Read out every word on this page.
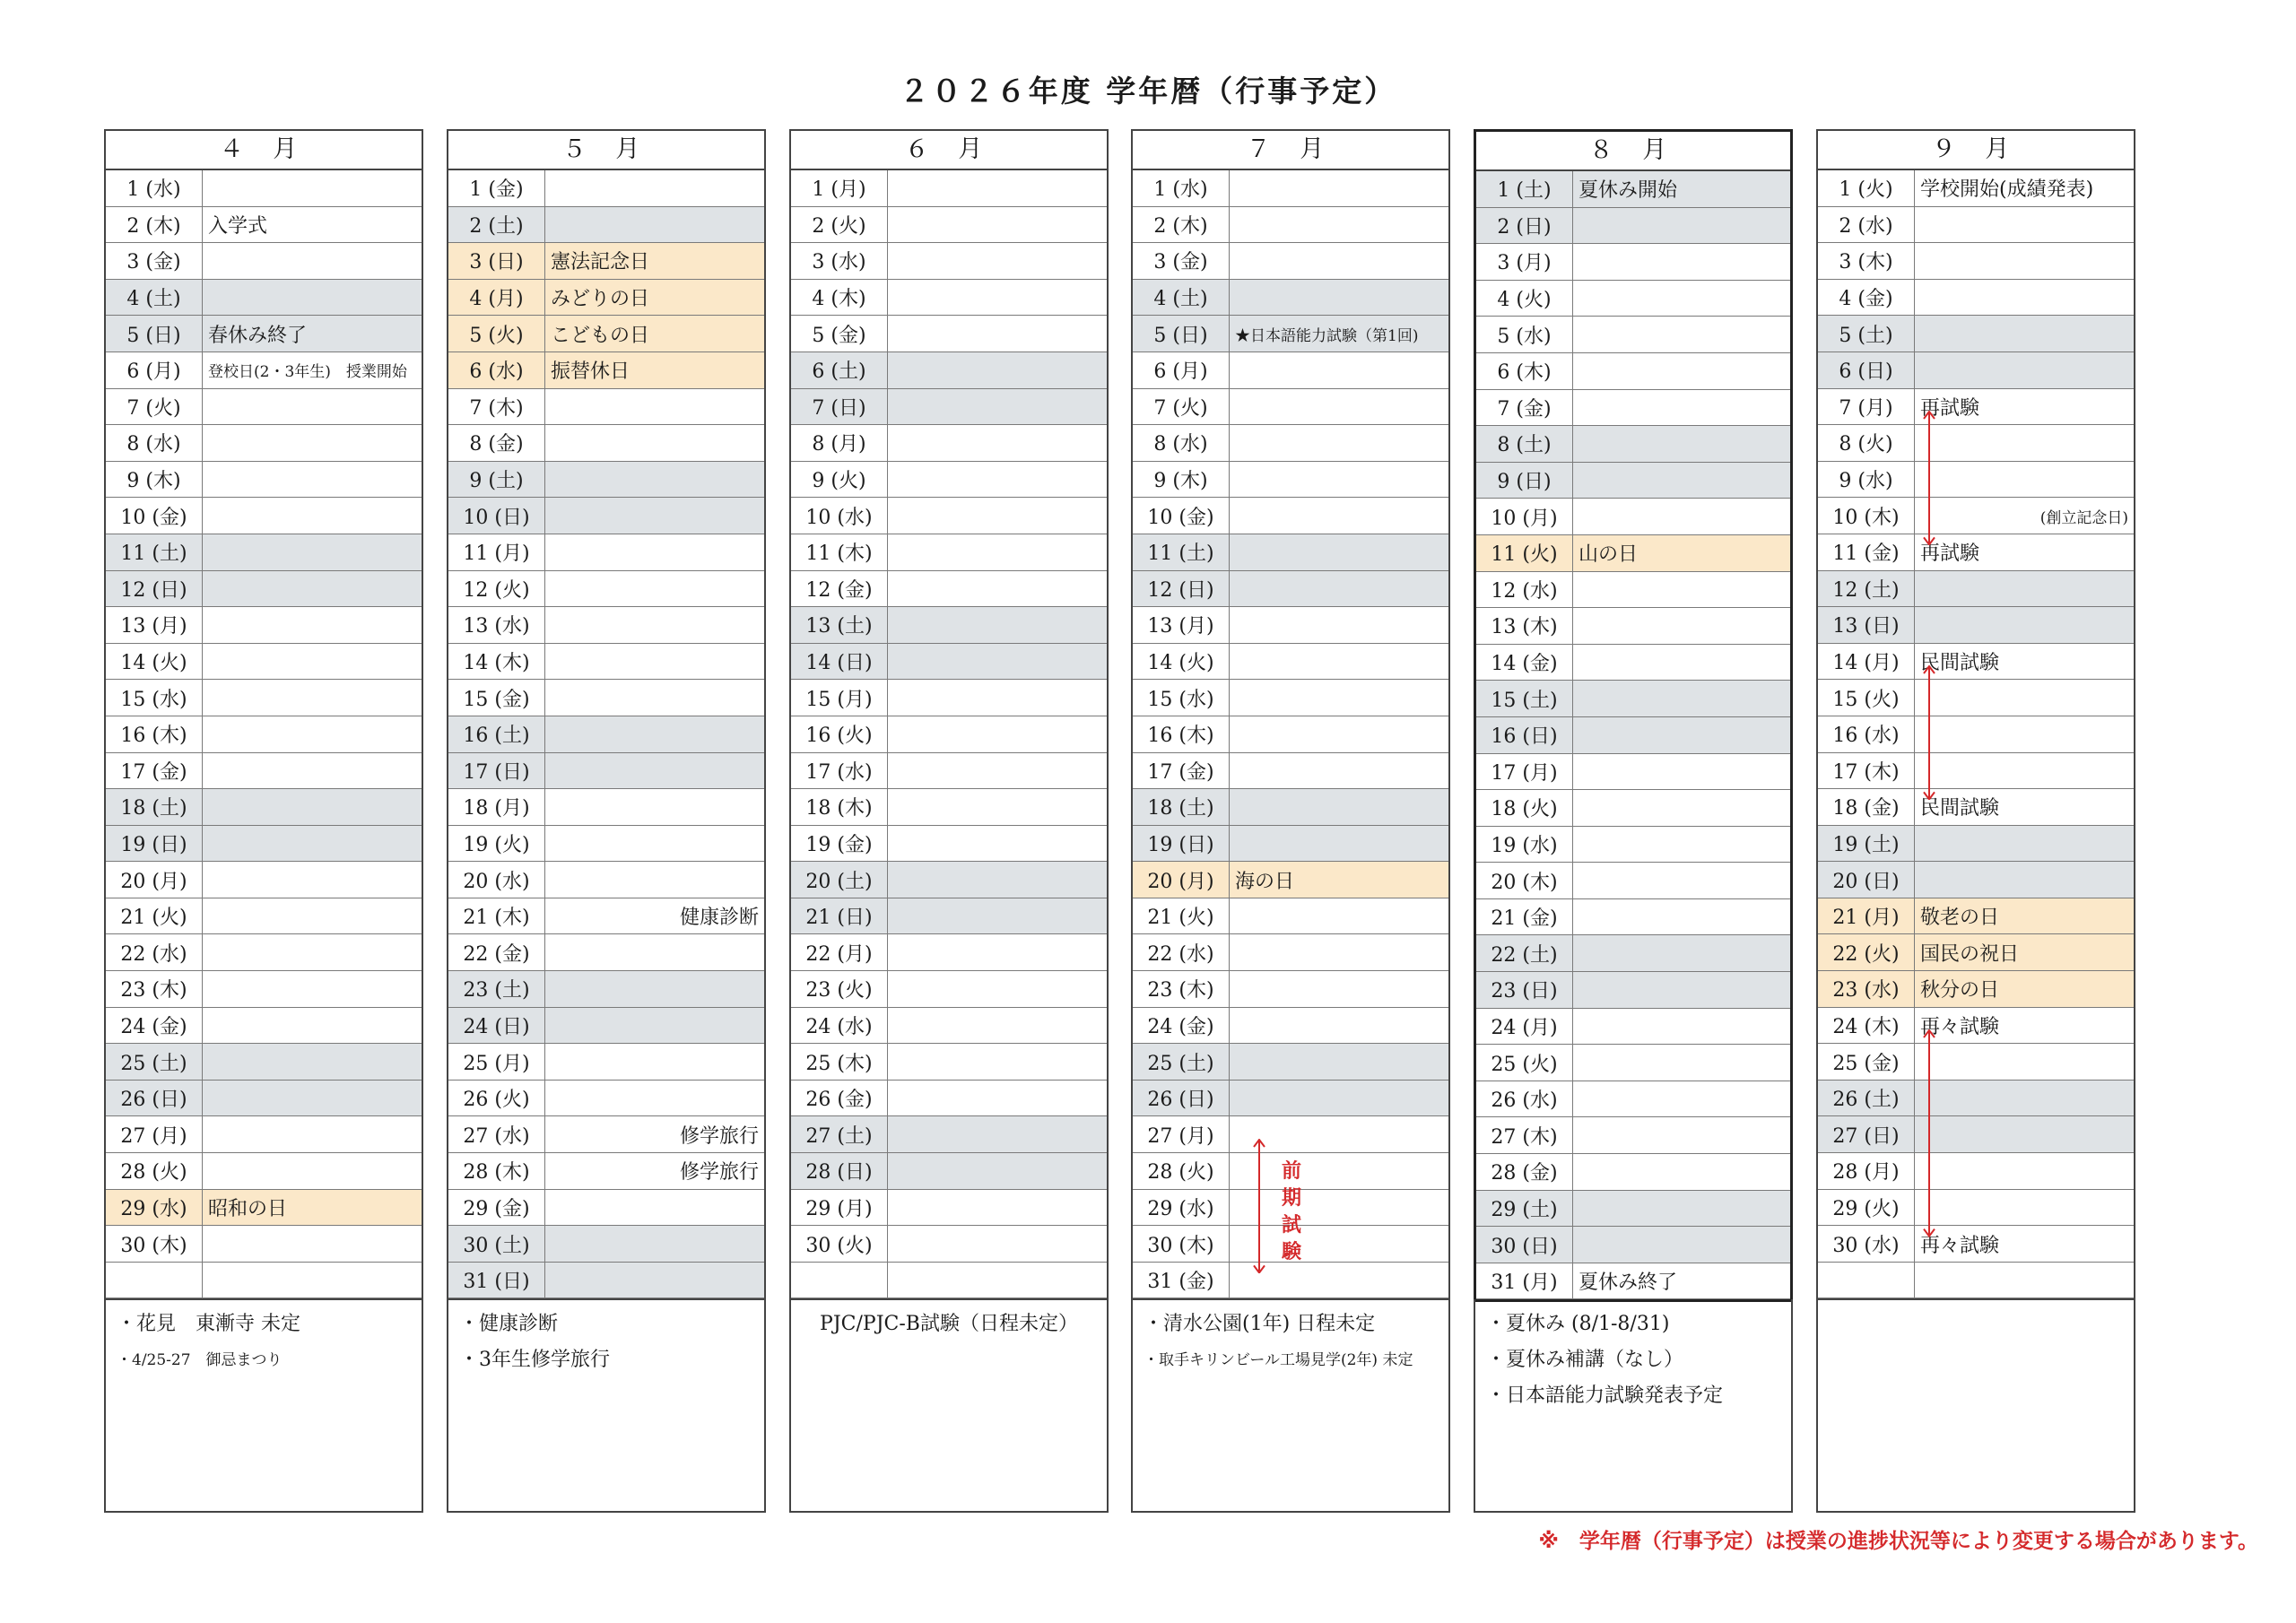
２０２６年度 学年暦（行事予定）
４ 月
1 (水)
2 (木)	入学式
3 (金)
4 (土)
5 (日)	春休み終了
6 (月)	登校日(2・3年生)　授業開始
7 (火)
8 (水)
9 (木)
10 (金)
11 (土)
12 (日)
13 (月)
14 (火)
15 (水)
16 (木)
17 (金)
18 (土)
19 (日)
20 (月)
21 (火)
22 (水)
23 (木)
24 (金)
25 (土)
26 (日)
27 (月)
28 (火)
29 (水)	昭和の日
30 (木)
・花見　東漸寺 未定
・4/25-27　御忌まつり
５ 月
1 (金)
2 (土)
3 (日)	憲法記念日
4 (月)	みどりの日
5 (火)	こどもの日
6 (水)	振替休日
7 (木)
8 (金)
9 (土)
10 (日)
11 (月)
12 (火)
13 (水)
14 (木)
15 (金)
16 (土)
17 (日)
18 (月)
19 (火)
20 (水)
21 (木)	健康診断
22 (金)
23 (土)
24 (日)
25 (月)
26 (火)
27 (水)	修学旅行
28 (木)	修学旅行
29 (金)
30 (土)
31 (日)
・健康診断
・3年生修学旅行
６ 月
1 (月)
2 (火)
3 (水)
4 (木)
5 (金)
6 (土)
7 (日)
8 (月)
9 (火)
10 (水)
11 (木)
12 (金)
13 (土)
14 (日)
15 (月)
16 (火)
17 (水)
18 (木)
19 (金)
20 (土)
21 (日)
22 (月)
23 (火)
24 (水)
25 (木)
26 (金)
27 (土)
28 (日)
29 (月)
30 (火)
PJC/PJC-B試験（日程未定）
７ 月
1 (水)
2 (木)
3 (金)
4 (土)
5 (日)	★日本語能力試験（第1回)
6 (月)
7 (火)
8 (水)
9 (木)
10 (金)
11 (土)
12 (日)
13 (月)
14 (火)
15 (水)
16 (木)
17 (金)
18 (土)
19 (日)
20 (月)	海の日
21 (火)
22 (水)
23 (木)
24 (金)
25 (土)
26 (日)
27 (月)
28 (火)
29 (水)
30 (木)
31 (金)
・清水公園(1年) 日程未定
・取手キリンビール工場見学(2年) 未定
８ 月
1 (土)	夏休み開始
2 (日)
3 (月)
4 (火)
5 (水)
6 (木)
7 (金)
8 (土)
9 (日)
10 (月)
11 (火)	山の日
12 (水)
13 (木)
14 (金)
15 (土)
16 (日)
17 (月)
18 (火)
19 (水)
20 (木)
21 (金)
22 (土)
23 (日)
24 (月)
25 (火)
26 (水)
27 (木)
28 (金)
29 (土)
30 (日)
31 (月)	夏休み終了
・夏休み (8/1-8/31)
・夏休み補講（なし）
・日本語能力試験発表予定
９ 月
1 (火)	学校開始(成績発表)
2 (水)
3 (木)
4 (金)
5 (土)
6 (日)
7 (月)	再試験
8 (火)
9 (水)
10 (木)	(創立記念日)
11 (金)	再試験
12 (土)
13 (日)
14 (月)	民間試験
15 (火)
16 (水)
17 (木)
18 (金)	民間試験
19 (土)
20 (日)
21 (月)	敬老の日
22 (火)	国民の祝日
23 (水)	秋分の日
24 (木)	再々試験
25 (金)
26 (土)
27 (日)
28 (月)
29 (火)
30 (水)	再々試験
※　学年暦（行事予定）は授業の進捗状況等により変更する場合があります。
前期試験
